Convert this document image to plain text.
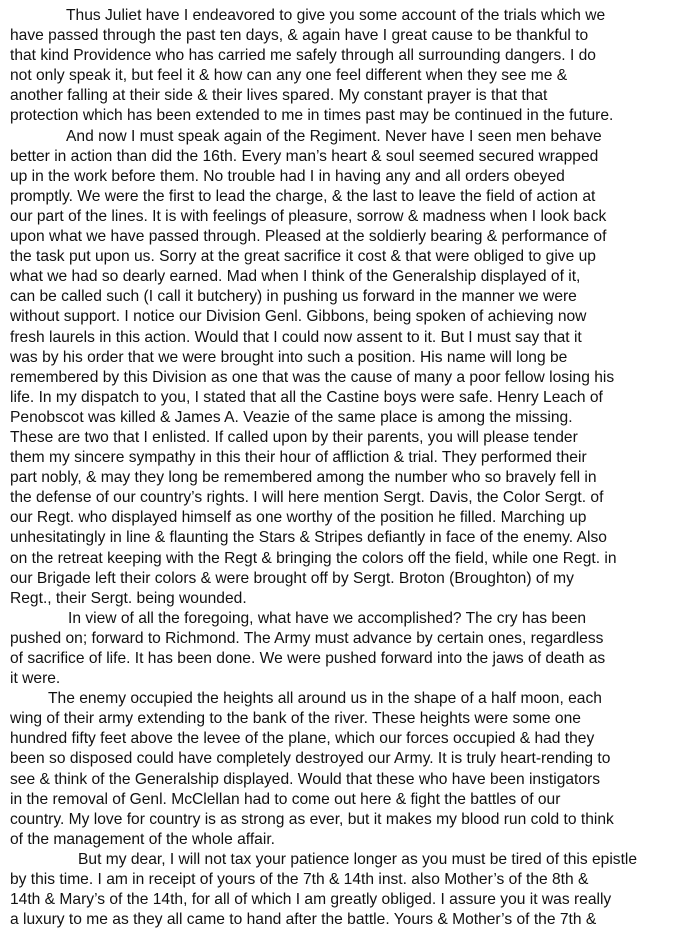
Thus Juliet have I endeavored to give you some account of the trials which we
have passed through the past ten days, & again have I great cause to be thankful to
that kind Providence who has carried me safely through all surrounding dangers. I do
not only speak it, but feel it & how can any one feel different when they see me &
another falling at their side & their lives spared. My constant prayer is that that
protection which has been extended to me in times past may be continued in the future.
And now I must speak again of the Regiment. Never have I seen men behave
better in action than did the 16th. Every man’s heart & soul seemed secured wrapped
up in the work before them. No trouble had I in having any and all orders obeyed
promptly. We were the first to lead the charge, & the last to leave the field of action at
our part of the lines. It is with feelings of pleasure, sorrow & madness when I look back
upon what we have passed through. Pleased at the soldierly bearing & performance of
the task put upon us. Sorry at the great sacrifice it cost & that were obliged to give up
what we had so dearly earned. Mad when I think of the Generalship displayed of it,
can be called such (I call it butchery) in pushing us forward in the manner we were
without support. I notice our Division Genl. Gibbons, being spoken of achieving now
fresh laurels in this action. Would that I could now assent to it. But I must say that it
was by his order that we were brought into such a position. His name will long be
remembered by this Division as one that was the cause of many a poor fellow losing his
life. In my dispatch to you, I stated that all the Castine boys were safe. Henry Leach of
Penobscot was killed & James A. Veazie of the same place is among the missing.
These are two that I enlisted. If called upon by their parents, you will please tender
them my sincere sympathy in this their hour of affliction & trial. They performed their
part nobly, & may they long be remembered among the number who so bravely fell in
the defense of our country’s rights. I will here mention Sergt. Davis, the Color Sergt. of
our Regt. who displayed himself as one worthy of the position he filled. Marching up
unhesitatingly in line & flaunting the Stars & Stripes defiantly in face of the enemy. Also
on the retreat keeping with the Regt & bringing the colors off the field, while one Regt. in
our Brigade left their colors & were brought off by Sergt. Broton (Broughton) of my
Regt., their Sergt. being wounded.
In view of all the foregoing, what have we accomplished? The cry has been
pushed on; forward to Richmond. The Army must advance by certain ones, regardless
of sacrifice of life. It has been done. We were pushed forward into the jaws of death as
it were.
The enemy occupied the heights all around us in the shape of a half moon, each
wing of their army extending to the bank of the river. These heights were some one
hundred fifty feet above the levee of the plane, which our forces occupied & had they
been so disposed could have completely destroyed our Army. It is truly heart-rending to
see & think of the Generalship displayed. Would that these who have been instigators
in the removal of Genl. McClellan had to come out here & fight the battles of our
country. My love for country is as strong as ever, but it makes my blood run cold to think
of the management of the whole affair.
But my dear, I will not tax your patience longer as you must be tired of this epistle
by this time. I am in receipt of yours of the 7th & 14th inst. also Mother’s of the 8th &
14th & Mary’s of the 14th, for all of which I am greatly obliged. I assure you it was really
a luxury to me as they all came to hand after the battle. Yours & Mother’s of the 7th &
